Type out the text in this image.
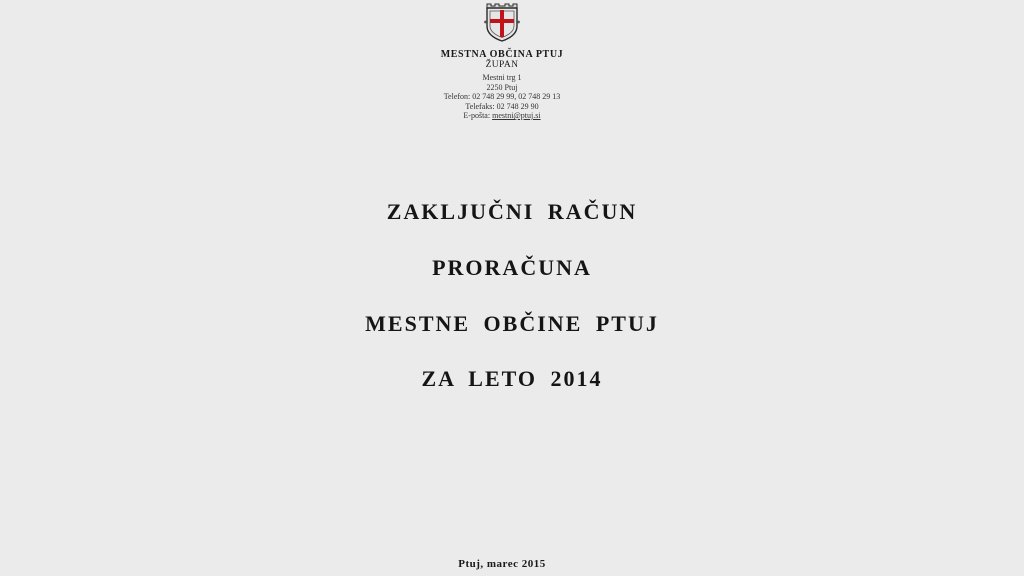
MESTNA OBČINA PTUJ
ŽUPAN
Mestni trg 1
2250 Ptuj
Telefon: 02 748 29 99, 02 748 29 13
Telefaks: 02 748 29 90
E-pošta: mestni@ptuj.si
ZAKLJUČNI RAČUN
PRORAČUNA
MESTNE OBČINE PTUJ
ZA LETO 2014
Ptuj, marec 2015
